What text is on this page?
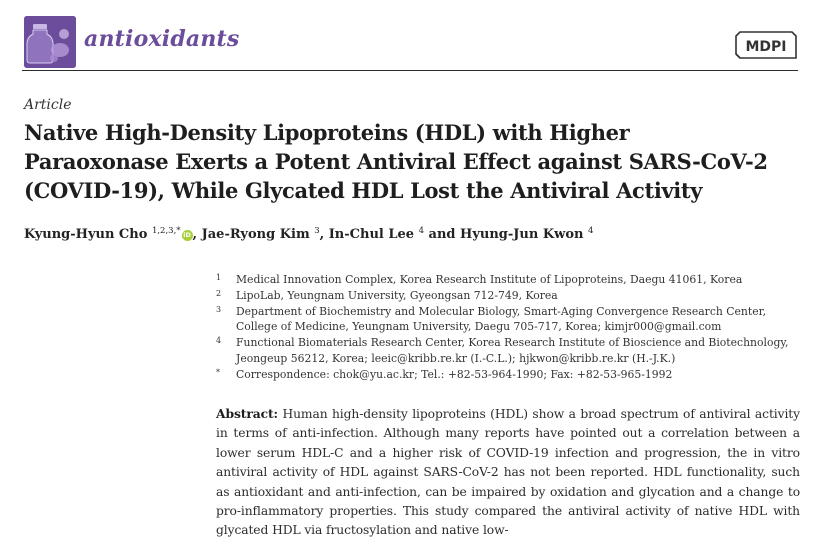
antioxidants	MDPI
Article
Native High-Density Lipoproteins (HDL) with Higher
Paraoxonase Exerts a Potent Antiviral Effect against SARS-CoV-2
(COVID-19), While Glycated HDL Lost the Antiviral Activity
Kyung-Hyun Cho $^{1,2,3,*}$ iD , Jae-Ryong Kim $^3$, In-Chul Lee $^4$ and Hyung-Jun Kwon $^4$
1	Medical Innovation Complex, Korea Research Institute of Lipoproteins, Daegu 41061, Korea
2	LipoLab, Yeungnam University, Gyeongsan 712-749, Korea
3	Department of Biochemistry and Molecular Biology, Smart-Aging Convergence Research Center,
College of Medicine, Yeungnam University, Daegu 705-717, Korea; kimjr000@gmail.com
4	Functional Biomaterials Research Center, Korea Research Institute of Bioscience and Biotechnology,
Jeongeup 56212, Korea; leeic@kribb.re.kr (I.-C.L.); hjkwon@kribb.re.kr (H.-J.K.)
*	Correspondence: chok@yu.ac.kr; Tel.: +82-53-964-1990; Fax: +82-53-965-1992

Abstract: Human high-density lipoproteins (HDL) show a broad spectrum of antiviral activity in terms of anti-infection. Although many reports have pointed out a correlation between a lower serum HDL-C and a higher risk of COVID-19 infection and progression, the in vitro antiviral activity of HDL against SARS-CoV-2 has not been reported. HDL functionality, such as antioxidant and anti-infection, can be impaired by oxidation and glycation and a change to pro-inflammatory properties. This study compared the antiviral activity of native HDL with glycated HDL via fructosylation and native low-
